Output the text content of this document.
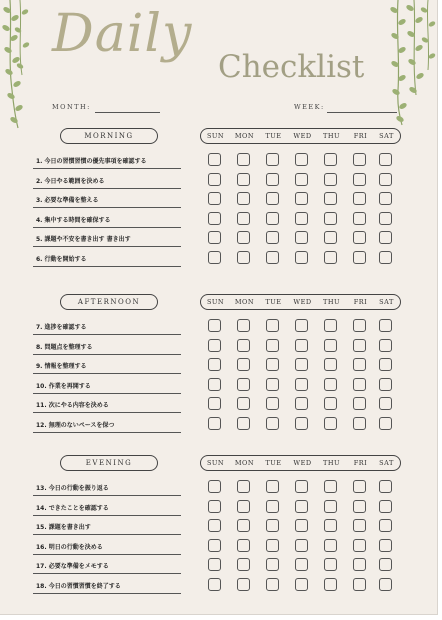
Daily
Checklist
MONTH:	WEEK:
MORNING	SUN	MON	TUE	WED	THU	FRI	SAT
1. 今日の習慣習慣の優先事項を確認する
2. 今日やる範囲を決める
3. 必要な準備を整える
4. 集中する時間を確保する
5. 課題や不安を書き出す 書き出す
6. 行動を開始する
AFTERNOON	SUN	MON	TUE	WED	THU	FRI	SAT
7. 進捗を確認する
8. 問題点を整理する
9. 情報を整理する
10. 作業を再開する
11. 次にやる内容を決める
12. 無理のないペースを保つ
EVENING	SUN	MON	TUE	WED	THU	FRI	SAT
13. 今日の行動を振り返る
14. できたことを確認する
15. 課題を書き出す
16. 明日の行動を決める
17. 必要な準備をメモする
18. 今日の習慣習慣を終了する
